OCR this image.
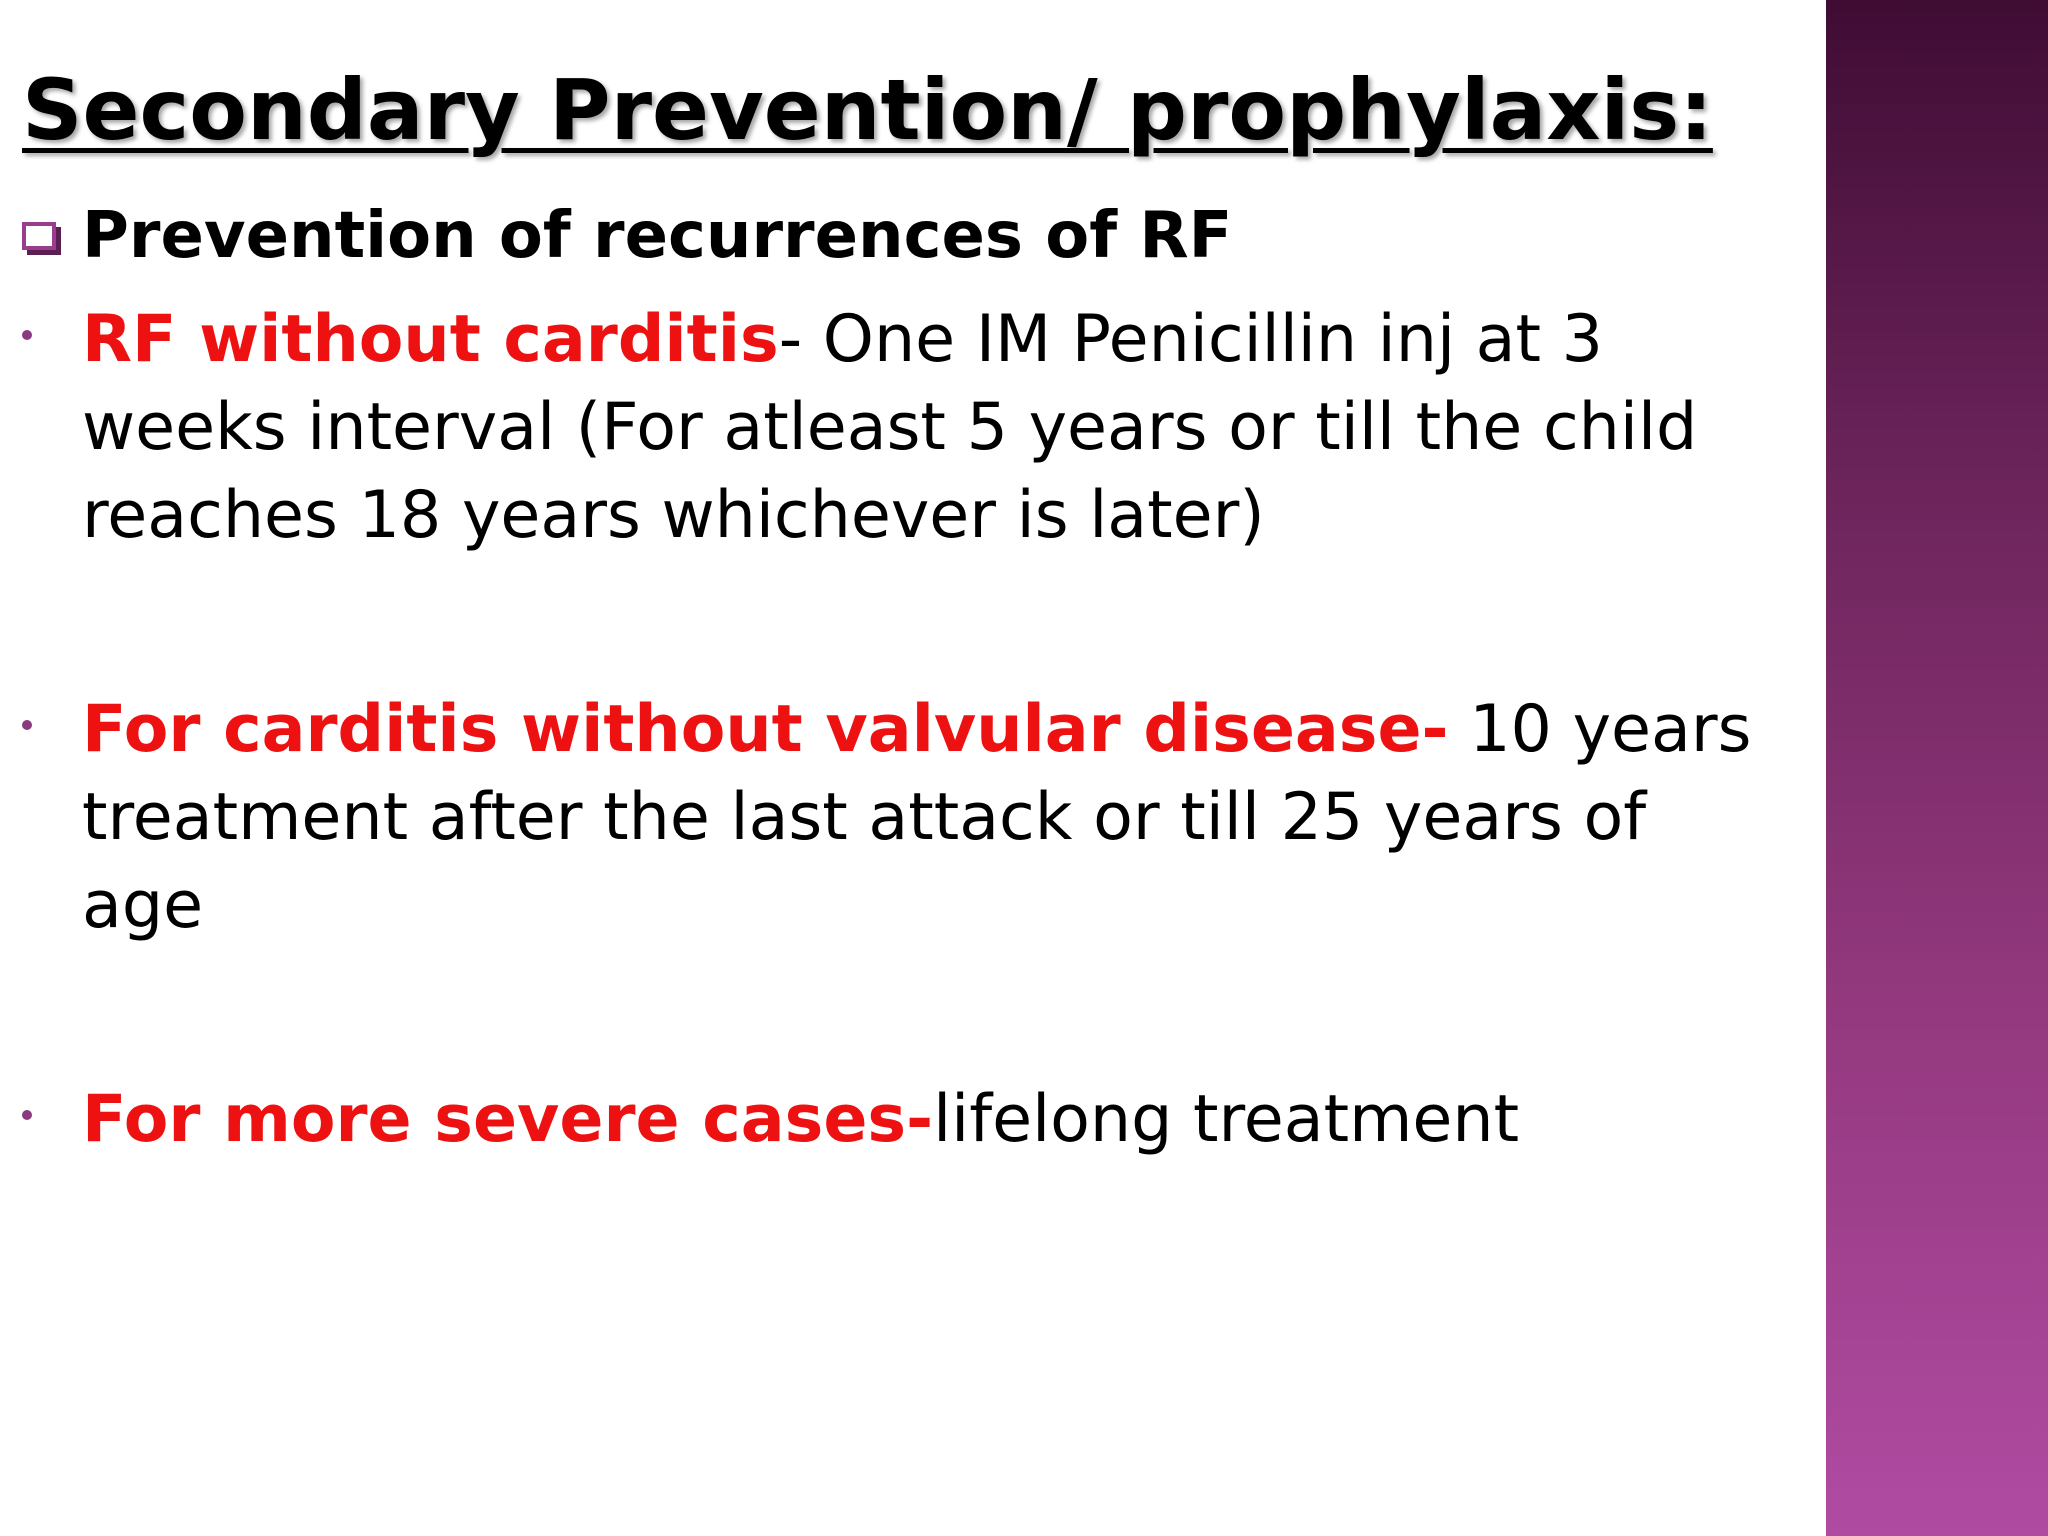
Secondary Prevention/ prophylaxis:
Prevention of recurrences of RF
RF without carditis- One IM Penicillin inj at 3
weeks interval (For atleast 5 years or till the child
reaches 18 years whichever is later)
For carditis without valvular disease- 10 years
treatment after the last attack or till 25 years of
age
For more severe cases-lifelong treatment
